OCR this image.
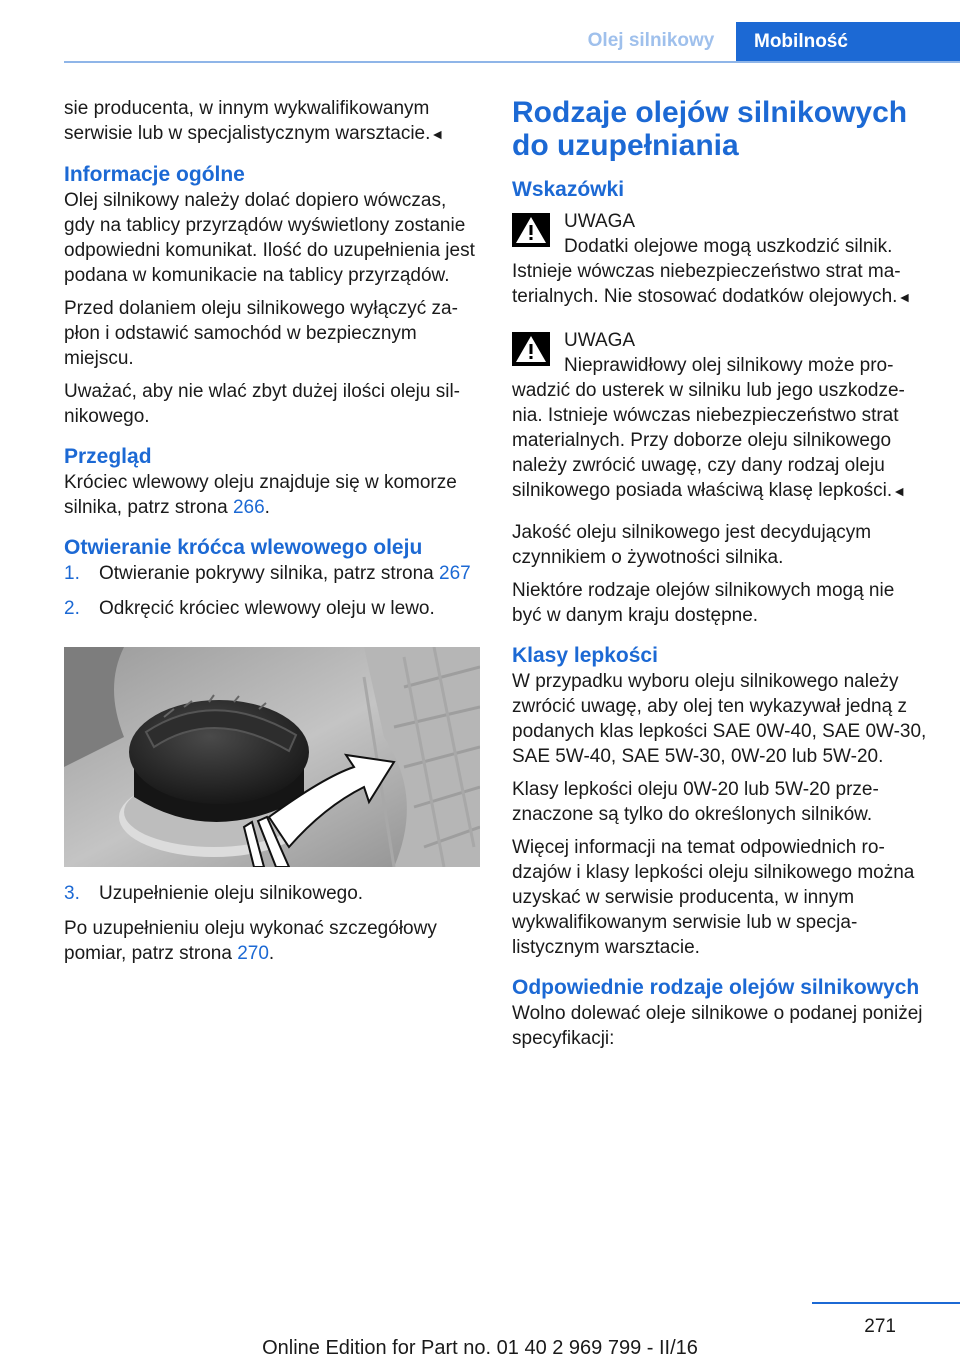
Olej silnikowy	Mobilność

sie producenta, w innym wykwalifikowanym serwisie lub w specjalistycznym warsztacie.◄

Informacje ogólne

Olej silnikowy należy dolać dopiero wówczas, gdy na tablicy przyrządów wyświetlony zostanie odpowiedni komunikat. Ilość do uzupełnienia jest podana w komunikacie na tablicy przyrządów.

Przed dolaniem oleju silnikowego wyłączyć zapłon i odstawić samochód w bezpiecznym miejscu.

Uważać, aby nie wlać zbyt dużej ilości oleju silnikowego.

Przegląd

Króciec wlewowy oleju znajduje się w komorze silnika, patrz strona 266.

Otwieranie króćca wlewowego oleju
1. Otwieranie pokrywy silnika, patrz strona 267
2. Odkręcić króciec wlewowy oleju w lewo.
3. Uzupełnienie oleju silnikowego.

Po uzupełnieniu oleju wykonać szczegółowy pomiar, patrz strona 270.

Rodzaje olejów silnikowych do uzupełniania
Wskazówki
UWAGA
Dodatki olejowe mogą uszkodzić silnik. Istnieje wówczas niebezpieczeństwo strat materialnych. Nie stosować dodatków olejowych.◄
UWAGA
Nieprawidłowy olej silnikowy może prowadzić do usterek w silniku lub jego uszkodzenia. Istnieje wówczas niebezpieczeństwo strat materialnych. Przy doborze oleju silnikowego należy zwrócić uwagę, czy dany rodzaj oleju silnikowego posiada właściwą klasę lepkości.◄

Jakość oleju silnikowego jest decydującym czynnikiem o żywotności silnika.

Niektóre rodzaje olejów silnikowych mogą nie być w danym kraju dostępne.

Klasy lepkości

W przypadku wyboru oleju silnikowego należy zwrócić uwagę, aby olej ten wykazywał jedną z podanych klas lepkości SAE 0W-40, SAE 0W-30, SAE 5W-40, SAE 5W-30, 0W-20 lub 5W-20.

Klasy lepkości oleju 0W-20 lub 5W-20 przeznaczone są tylko do określonych silników.

Więcej informacji na temat odpowiednich rodzajów i klasy lepkości oleju silnikowego można uzyskać w serwisie producenta, w innym wykwalifikowanym serwisie lub w specjalistycznym warsztacie.

Odpowiednie rodzaje olejów silnikowych

Wolno dolewać oleje silnikowe o podanej poniżej specyfikacji:

271
Online Edition for Part no. 01 40 2 969 799 - II/16
